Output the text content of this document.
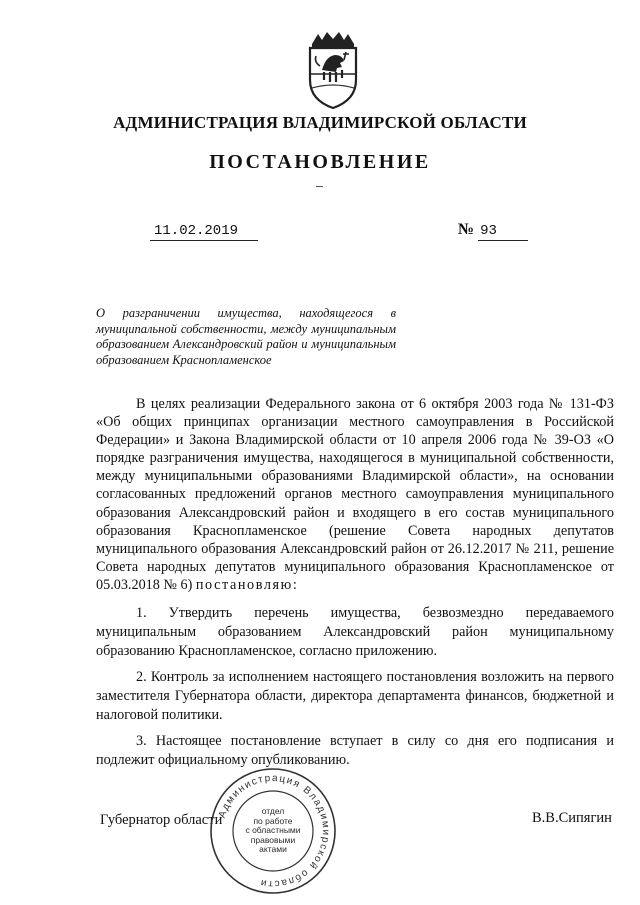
АДМИНИСТРАЦИЯ ВЛАДИМИРСКОЙ ОБЛАСТИ
ПОСТАНОВЛЕНИЕ
11.02.2019	№ 93
О разграничении имущества, находящегося в
муниципальной собственности, между муниципальным
образованием Александровский район и муниципальным
образованием Краснопламенское
В целях реализации Федерального закона от 6 октября 2003 года № 131-ФЗ «Об общих принципах организации местного самоуправления в Российской Федерации» и Закона Владимирской области от 10 апреля 2006 года № 39-ОЗ «О порядке разграничения имущества, находящегося в муниципальной собственности, между муниципальными образованиями Владимирской области», на основании согласованных предложений органов местного самоуправления муниципального образования Александровский район и входящего в его состав муниципального образования Краснопламенское (решение Совета народных депутатов муниципального образования Александровский район от 26.12.2017 № 211, решение Совета народных депутатов муниципального образования Краснопламенское от 05.03.2018 № 6) постановляю:
1. Утвердить перечень имущества, безвозмездно передаваемого муниципальным образованием Александровский район муниципальному образованию Краснопламенское, согласно приложению.
2. Контроль за исполнением настоящего постановления возложить на первого заместителя Губернатора области, директора департамента финансов, бюджетной и налоговой политики.
3. Настоящее постановление вступает в силу со дня его подписания и подлежит официальному опубликованию.
Губернатор области	В.В.Сипягин
Администрация Владимирской области
отдел
по работе
с областными
правовыми
актами
